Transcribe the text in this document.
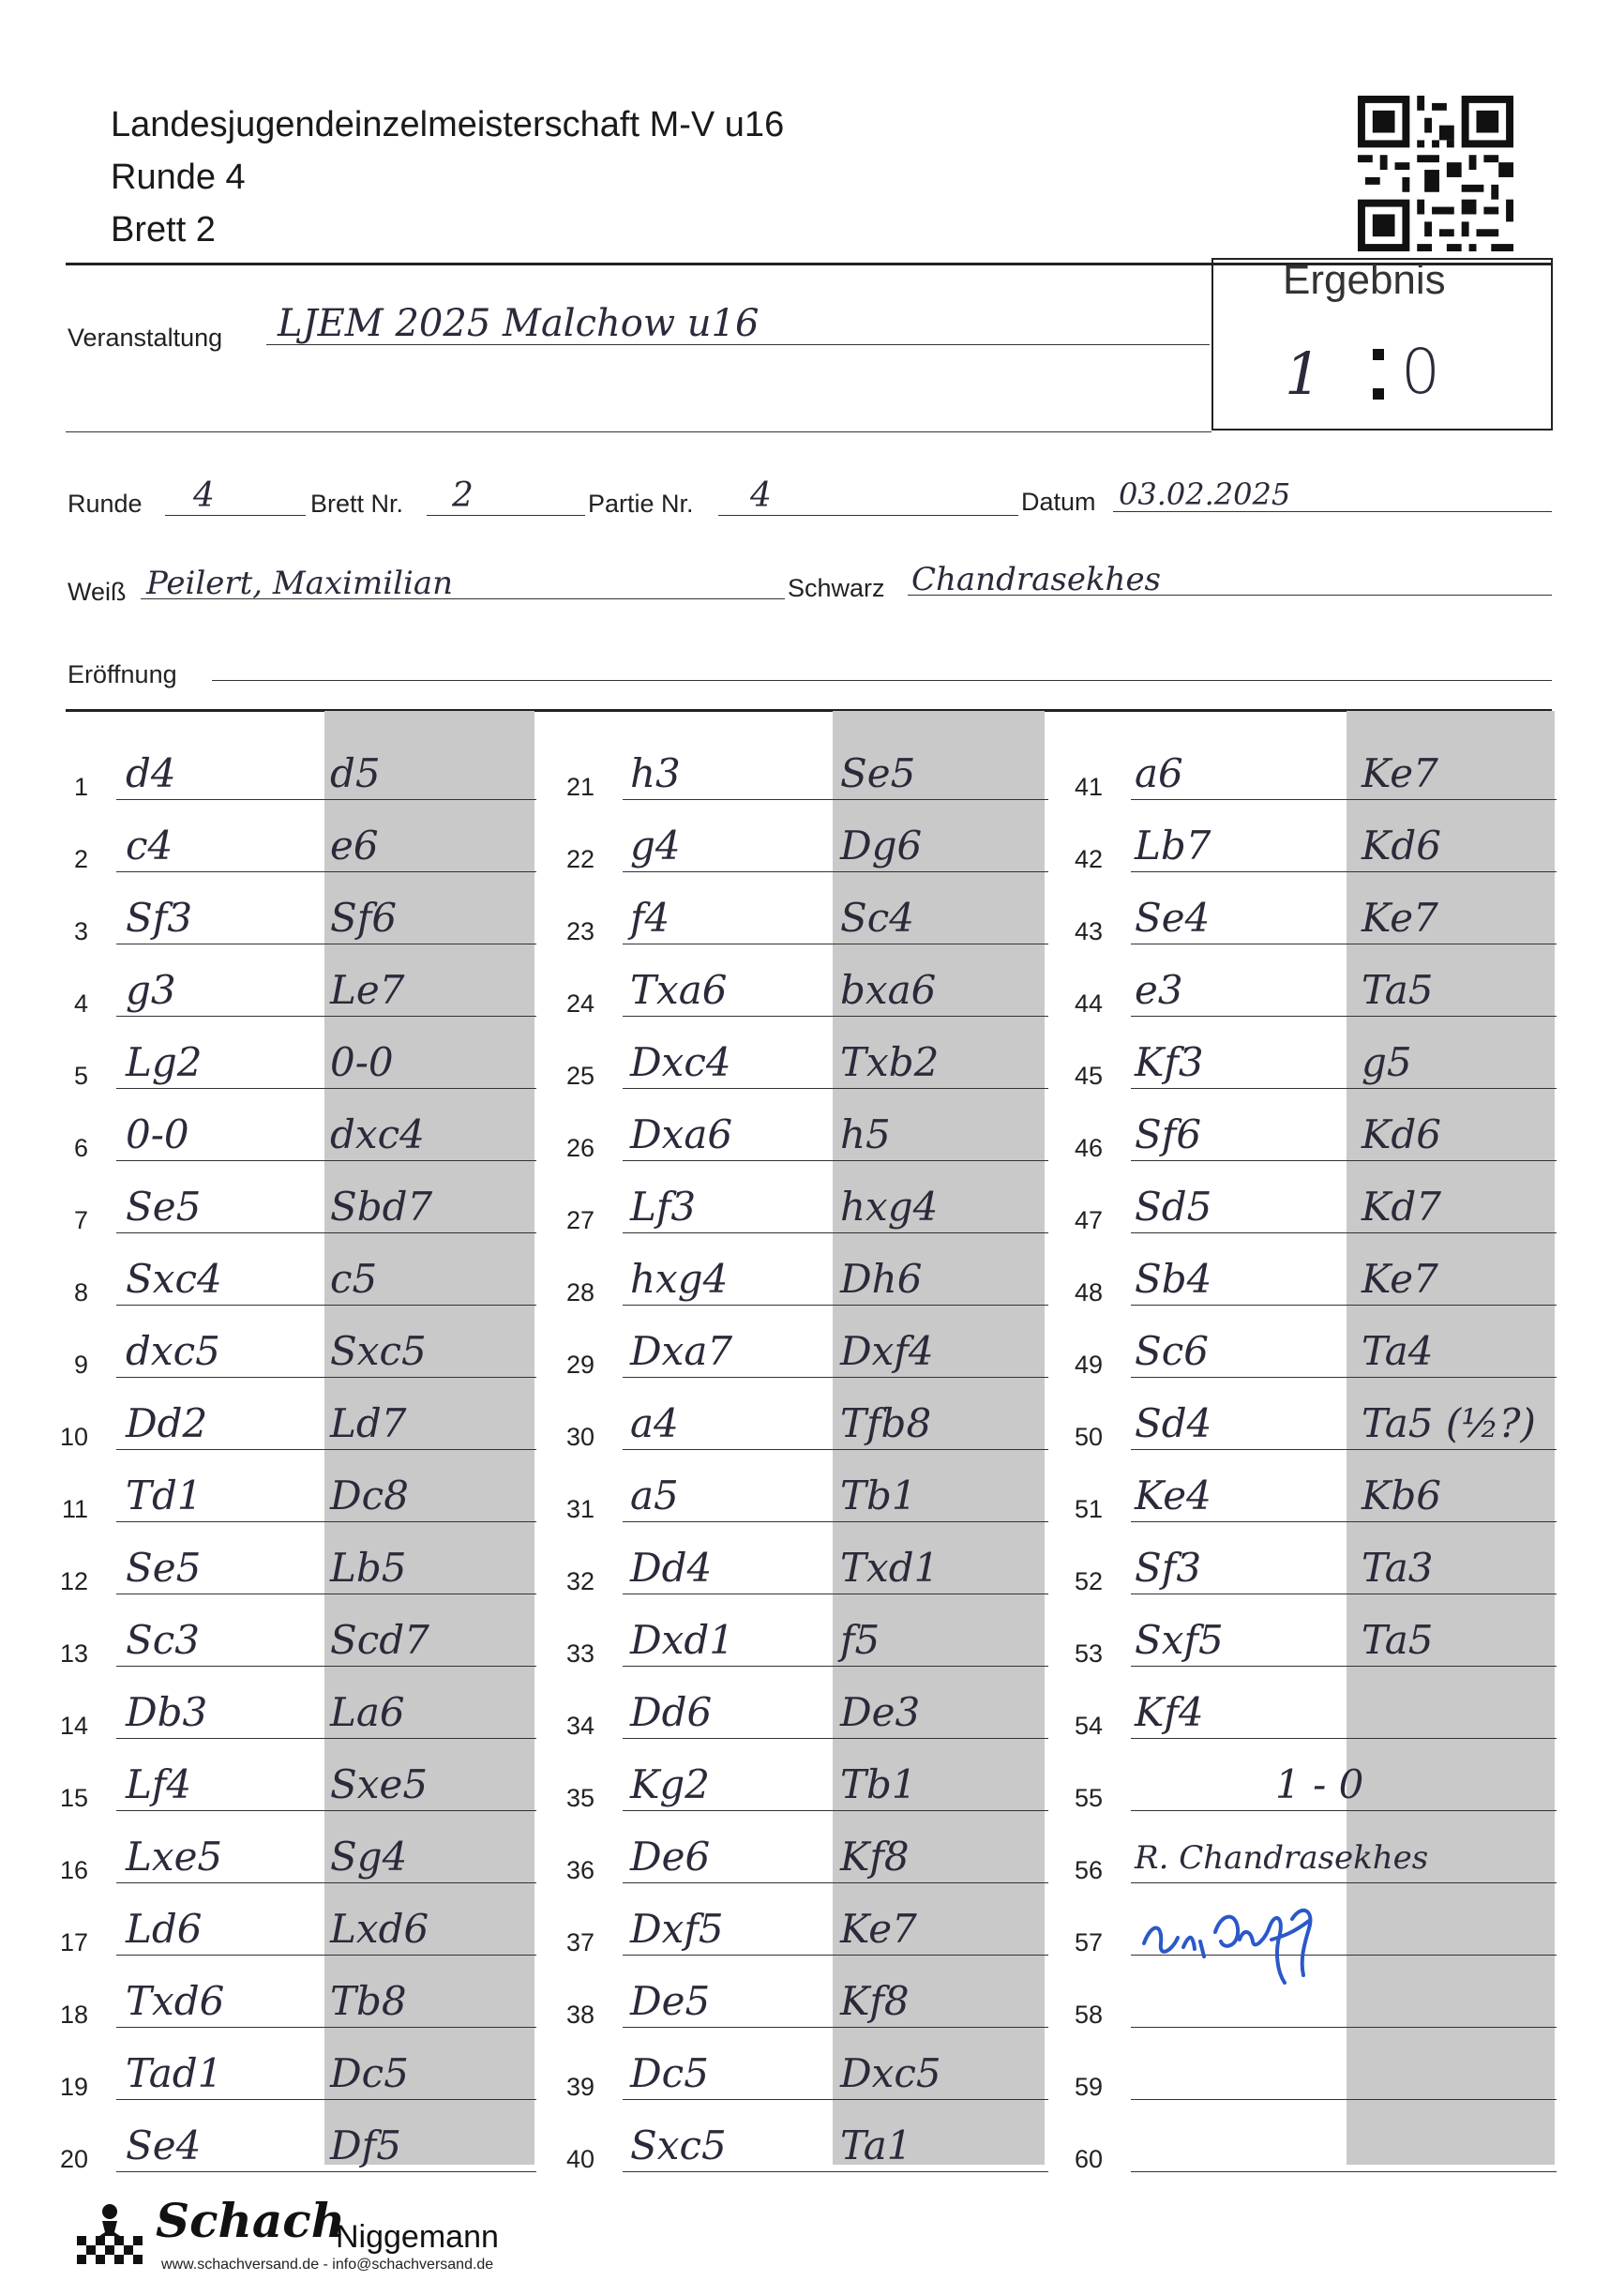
Landesjugendeinzelmeisterschaft M-V u16
Runde 4
Brett 2
Ergebnis
1 0
Veranstaltung LJEM 2025 Malchow u16
Runde 4	Brett Nr. 2	Partie Nr. 4	Datum 03.02.2025
Weiß Peilert, Maximilian	Schwarz Chandrasekhes
Eröffnung
1 d4	d5
2 c4	e6
3 Sf3	Sf6
4 g3	Le7
5 Lg2	0-0
6 0-0	dxc4
7 Se5	Sbd7
8 Sxc4	c5
9 dxc5	Sxc5
10 Dd2	Ld7
11 Td1	Dc8
12 Se5	Lb5
13 Sc3	Scd7
14 Db3	La6
15 Lf4	Sxe5
16 Lxe5	Sg4
17 Ld6	Lxd6
18 Txd6	Tb8
19 Tad1	Dc5
20 Se4	Df5
21 h3	Se5
22 g4	Dg6
23 f4	Sc4
24 Txa6	bxa6
25 Dxc4	Txb2
26 Dxa6	h5
27 Lf3	hxg4
28 hxg4	Dh6
29 Dxa7	Dxf4
30 a4	Tfb8
31 a5	Tb1
32 Dd4	Txd1
33 Dxd1	f5
34 Dd6	De3
35 Kg2	Tb1
36 De6	Kf8
37 Dxf5	Ke7
38 De5	Kf8
39 Dc5	Dxc5
40 Sxc5	Ta1
41 a6	Ke7
42 Lb7	Kd6
43 Se4	Ke7
44 e3	Ta5
45 Kf3	g5
46 Sf6	Kd6
47 Sd5	Kd7
48 Sb4	Ke7
49 Sc6	Ta4
50 Sd4	Ta5 (½?)
51 Ke4	Kb6
52 Sf3	Ta3
53 Sxf5	Ta5
54 Kf4
55	1 - 0
56 R. Chandrasekhes
57
58
59
60
Schach
Niggemann
www.schachversand.de - info@schachversand.de
